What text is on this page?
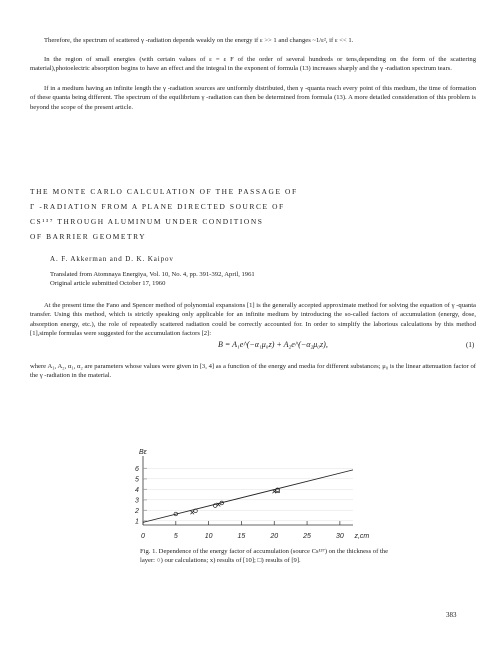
Therefore, the spectrum of scattered γ -radiation depends weakly on the energy if ε >> 1 and changes ~1/ε², if ε << 1.

In the region of small energies (with certain values of ε = ε F of the order of several hundreds or tens,depending on the form of the scattering material),photoelectric absorption begins to have an effect and the integral in the exponent of formula (13) increases sharply and the γ -radiation spectrum tears.

If in a medium having an infinite length the γ -radiation sources are uniformly distributed, then γ -quanta reach every point of this medium, the time of formation of these quanta being different. The spectrum of the equilibrium γ -radiation can then be determined from formula (13). A more detailed consideration of this problem is beyond the scope of the present article.

THE MONTE CARLO CALCULATION OF THE PASSAGE OF

Γ -RADIATION FROM A PLANE DIRECTED SOURCE OF

CS¹³⁷ THROUGH ALUMINUM UNDER CONDITIONS

OF BARRIER GEOMETRY

A. F. Akkerman and D. K. Kaipov
Translated from Atomnaya Energiya, Vol. 10, No. 4, pp. 391-392, April, 1961
Original article submitted October 17, 1960

At the present time the Fano and Spencer method of polynomial expansions [1] is the generally accepted approximate method for solving the equation of γ -quanta transfer. Using this method, which is strictly speaking only applicable for an infinite medium by introducing the so-called factors of accumulation (energy, dose, absorption energy, etc.), the role of repeatedly scattered radiation could be correctly accounted for. In order to simplify the laborious calculations by this method [1],simple formulas were suggested for the accumulation factors [2]:

B = A₁e^(−α₁μ₀z) + A₂e^(−α₂μ₀z),	(1)

where A₁, A₂, α₁, α₂ are parameters whose values were given in [3, 4] as a function of the energy and media for different substances; μ₀ is the linear attenuation factor of the γ -radiation in the material.

1
2
3
4
5
6
0	5	10	15	20	25	30
Bε
z,cm
Fig. 1. Dependence of the energy factor of accumulation (source Cs¹³⁷) on the thickness of the layer: ○) our calculations; x) results of [10]; □) results of [9].
383
